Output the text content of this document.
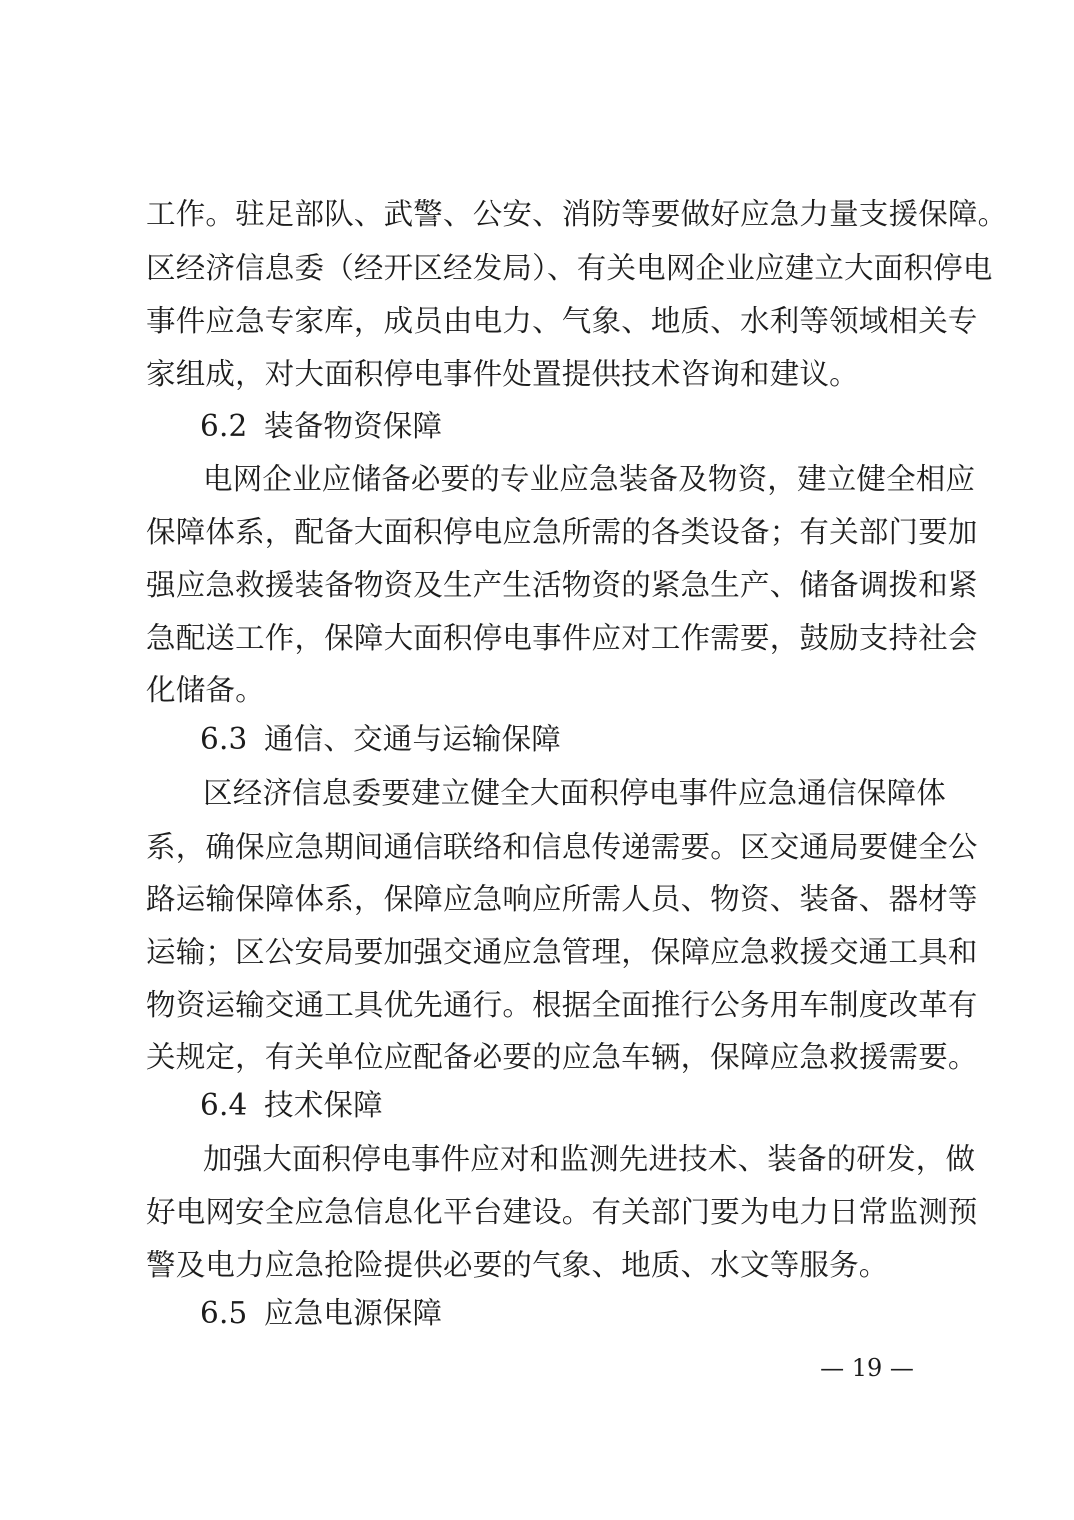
工作。驻足部队、武警、公安、消防等要做好应急力量支援保障。
区经济信息委（经开区经发局）、有关电网企业应建立大面积停电
事件应急专家库，成员由电力、气象、地质、水利等领域相关专
家组成，对大面积停电事件处置提供技术咨询和建议。
6.2 装备物资保障
电网企业应储备必要的专业应急装备及物资，建立健全相应
保障体系，配备大面积停电应急所需的各类设备；有关部门要加
强应急救援装备物资及生产生活物资的紧急生产、储备调拨和紧
急配送工作，保障大面积停电事件应对工作需要，鼓励支持社会
化储备。
6.3 通信、交通与运输保障
区经济信息委要建立健全大面积停电事件应急通信保障体
系，确保应急期间通信联络和信息传递需要。区交通局要健全公
路运输保障体系，保障应急响应所需人员、物资、装备、器材等
运输；区公安局要加强交通应急管理，保障应急救援交通工具和
物资运输交通工具优先通行。根据全面推行公务用车制度改革有
关规定，有关单位应配备必要的应急车辆，保障应急救援需要。
6.4 技术保障
加强大面积停电事件应对和监测先进技术、装备的研发，做
好电网安全应急信息化平台建设。有关部门要为电力日常监测预
警及电力应急抢险提供必要的气象、地质、水文等服务。
6.5 应急电源保障
— 19 —
